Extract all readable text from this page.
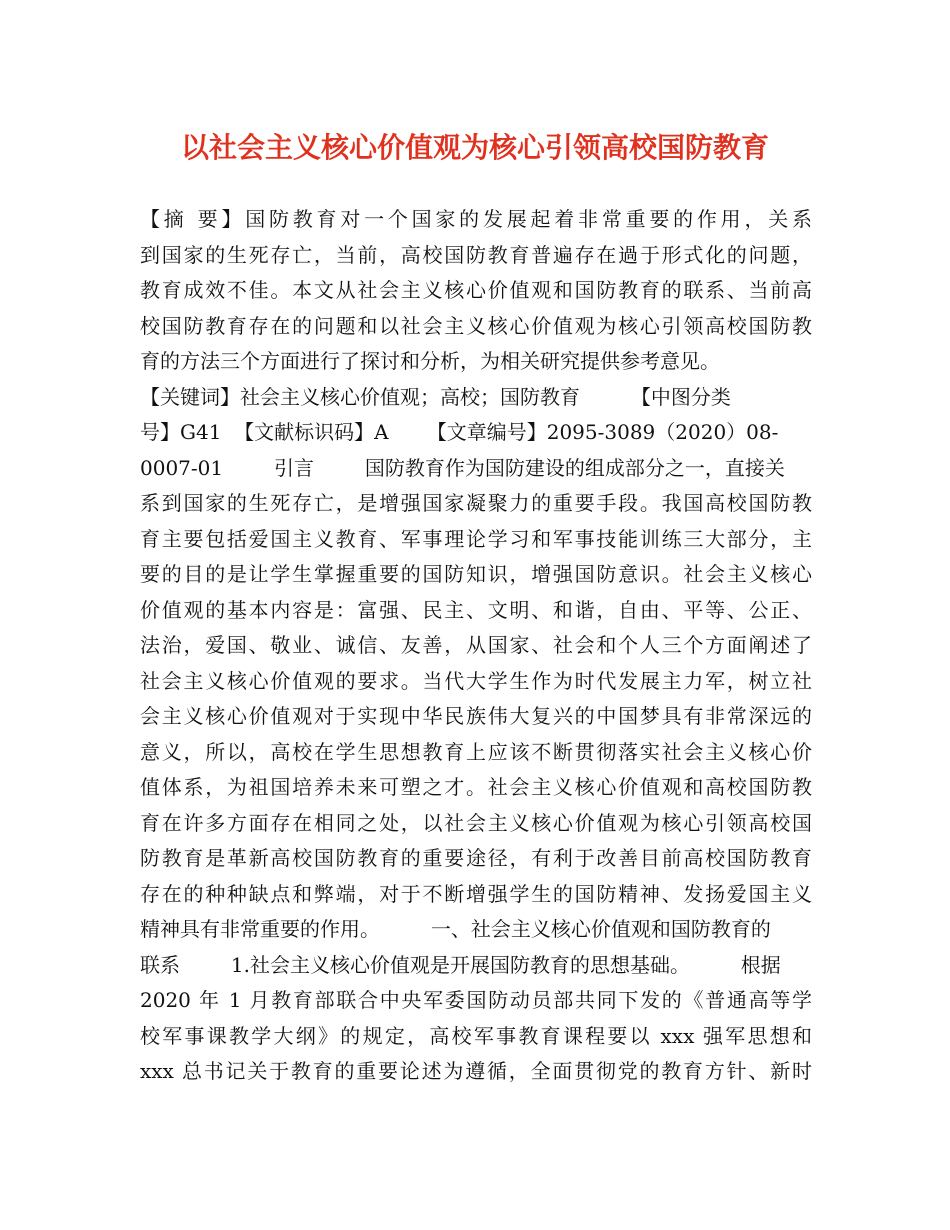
以社会主义核心价值观为核心引领高校国防教育
【摘 要】国防教育对一个国家的发展起着非常重要的作用，关系
到国家的生死存亡，当前，高校国防教育普遍存在過于形式化的问题，
教育成效不佳。本文从社会主义核心价值观和国防教育的联系、当前高
校国防教育存在的问题和以社会主义核心价值观为核心引领高校国防教
育的方法三个方面进行了探讨和分析，为相关研究提供参考意见。
【关键词】社会主义核心价值观；高校；国防教育        【中图分类
号】G41  【文献标识码】A      【文章编号】2095-3089（2020）08-
0007-01        引言        国防教育作为国防建设的组成部分之一，直接关
系到国家的生死存亡，是增强国家凝聚力的重要手段。我国高校国防教
育主要包括爱国主义教育、军事理论学习和军事技能训练三大部分，主
要的目的是让学生掌握重要的国防知识，增强国防意识。社会主义核心
价值观的基本内容是：富强、民主、文明、和谐，自由、平等、公正、
法治，爱国、敬业、诚信、友善，从国家、社会和个人三个方面阐述了
社会主义核心价值观的要求。当代大学生作为时代发展主力军，树立社
会主义核心价值观对于实现中华民族伟大复兴的中国梦具有非常深远的
意义，所以，高校在学生思想教育上应该不断贯彻落实社会主义核心价
值体系，为祖国培养未来可塑之才。社会主义核心价值观和高校国防教
育在许多方面存在相同之处，以社会主义核心价值观为核心引领高校国
防教育是革新高校国防教育的重要途径，有利于改善目前高校国防教育
存在的种种缺点和弊端，对于不断增强学生的国防精神、发扬爱国主义
精神具有非常重要的作用。        一、社会主义核心价值观和国防教育的
联系        1.社会主义核心价值观是开展国防教育的思想基础。        根据
2020 年 1 月教育部联合中央军委国防动员部共同下发的《普通高等学
校军事课教学大纲》的规定，高校军事教育课程要以 xxx 强军思想和
xxx 总书记关于教育的重要论述为遵循，全面贯彻党的教育方针、新时
